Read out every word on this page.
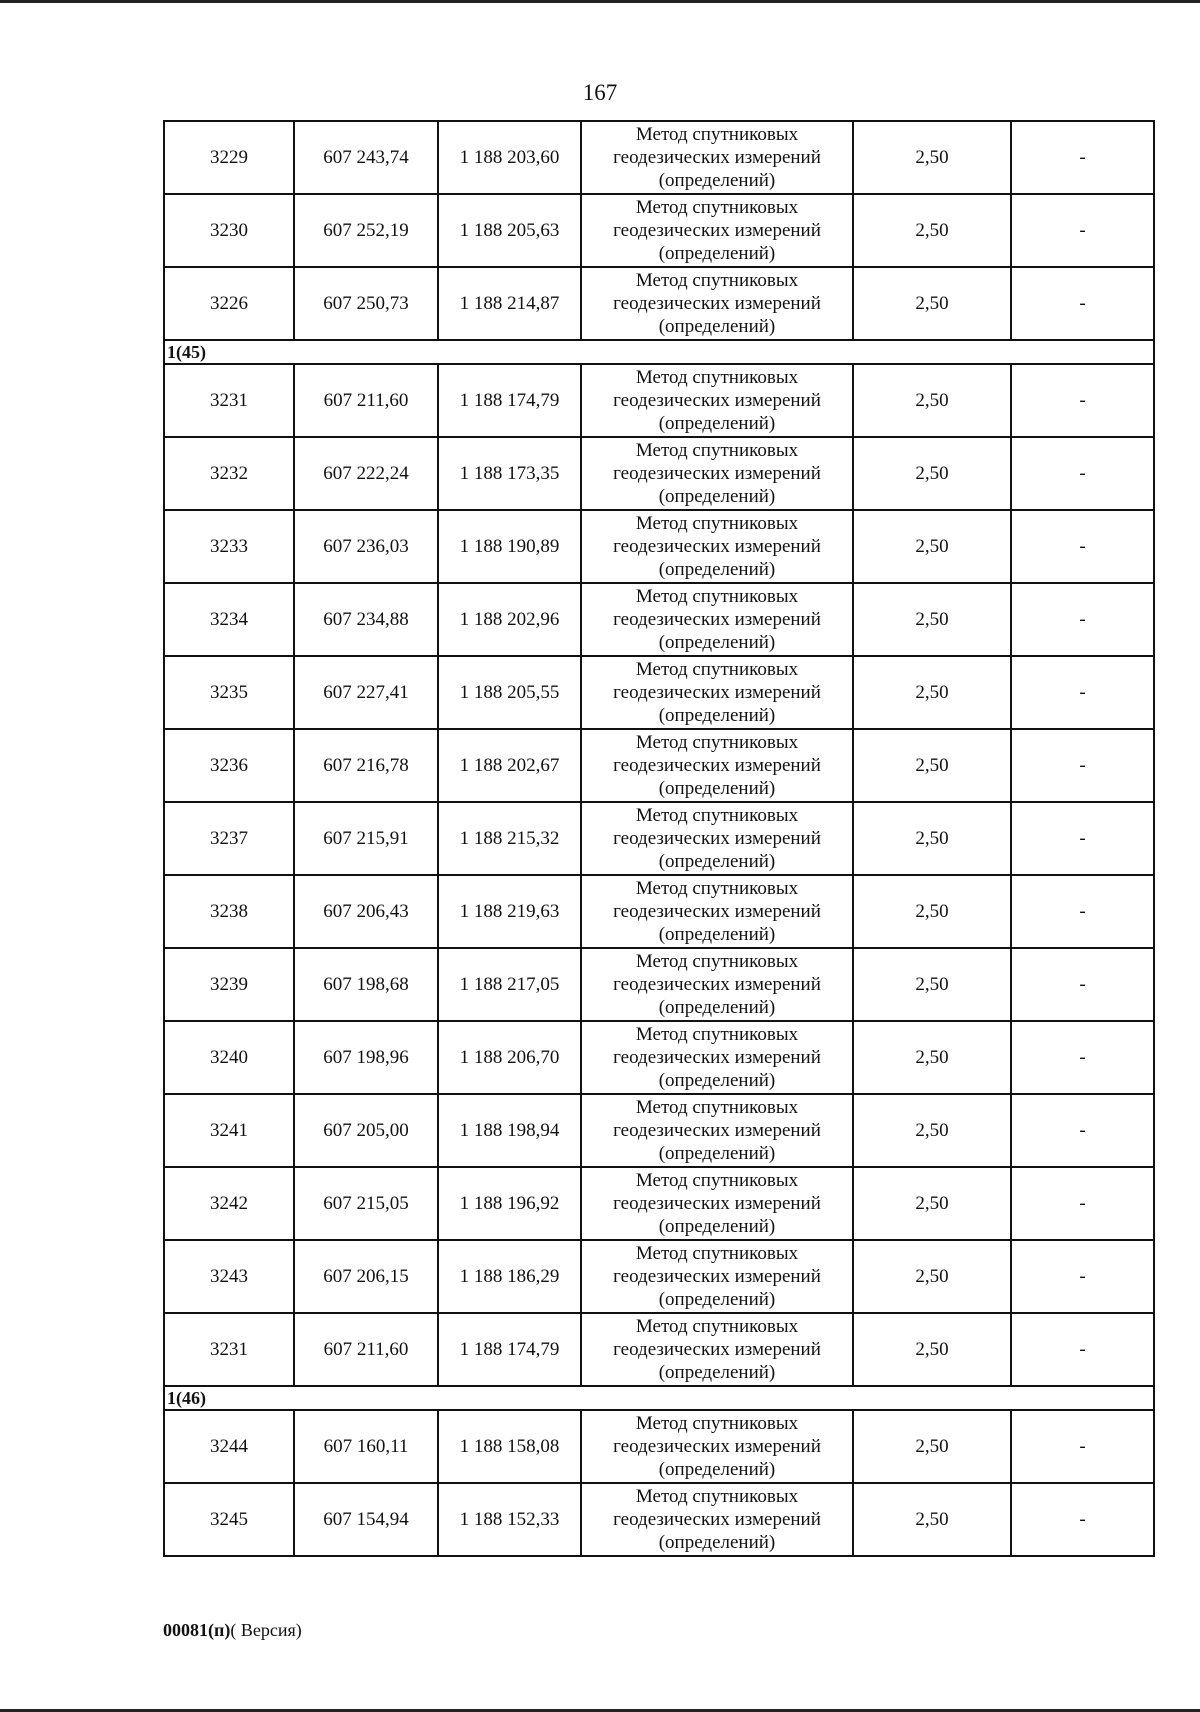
167
3229	607 243,74	1 188 203,60	Метод спутниковых
геодезических измерений
(определений)	2,50	-
3230	607 252,19	1 188 205,63	Метод спутниковых
геодезических измерений
(определений)	2,50	-
3226	607 250,73	1 188 214,87	Метод спутниковых
геодезических измерений
(определений)	2,50	-
1(45)					
3231	607 211,60	1 188 174,79	Метод спутниковых
геодезических измерений
(определений)	2,50	-
3232	607 222,24	1 188 173,35	Метод спутниковых
геодезических измерений
(определений)	2,50	-
3233	607 236,03	1 188 190,89	Метод спутниковых
геодезических измерений
(определений)	2,50	-
3234	607 234,88	1 188 202,96	Метод спутниковых
геодезических измерений
(определений)	2,50	-
3235	607 227,41	1 188 205,55	Метод спутниковых
геодезических измерений
(определений)	2,50	-
3236	607 216,78	1 188 202,67	Метод спутниковых
геодезических измерений
(определений)	2,50	-
3237	607 215,91	1 188 215,32	Метод спутниковых
геодезических измерений
(определений)	2,50	-
3238	607 206,43	1 188 219,63	Метод спутниковых
геодезических измерений
(определений)	2,50	-
3239	607 198,68	1 188 217,05	Метод спутниковых
геодезических измерений
(определений)	2,50	-
3240	607 198,96	1 188 206,70	Метод спутниковых
геодезических измерений
(определений)	2,50	-
3241	607 205,00	1 188 198,94	Метод спутниковых
геодезических измерений
(определений)	2,50	-
3242	607 215,05	1 188 196,92	Метод спутниковых
геодезических измерений
(определений)	2,50	-
3243	607 206,15	1 188 186,29	Метод спутниковых
геодезических измерений
(определений)	2,50	-
3231	607 211,60	1 188 174,79	Метод спутниковых
геодезических измерений
(определений)	2,50	-
1(46)					
3244	607 160,11	1 188 158,08	Метод спутниковых
геодезических измерений
(определений)	2,50	-
3245	607 154,94	1 188 152,33	Метод спутниковых
геодезических измерений
(определений)	2,50	-
00081(п)( Версия)
